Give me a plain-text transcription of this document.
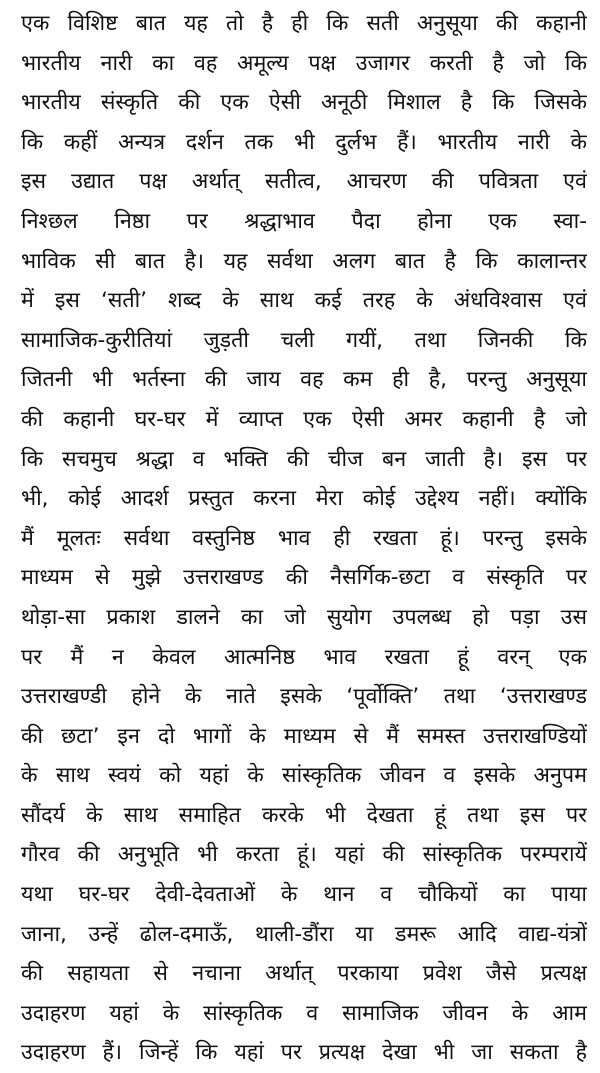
एक विशिष्ट बात यह तो है ही कि सती अनुसूया की कहानी
भारतीय नारी का वह अमूल्य पक्ष उजागर करती है जो कि
भारतीय संस्कृति की एक ऐसी अनूठी मिशाल है कि जिसके
कि कहीं अन्यत्र दर्शन तक भी दुर्लभ हैं। भारतीय नारी के
इस उद्यात पक्ष अर्थात् सतीत्व, आचरण की पवित्रता एवं
निश्छल निष्ठा पर श्रद्धाभाव पैदा होना एक स्वा-
भाविक सी बात है। यह सर्वथा अलग बात है कि कालान्तर
में इस ‘सती’ शब्द के साथ कई तरह के अंधविश्वास एवं
सामाजिक-कुरीतियां जुड़ती चली गयीं, तथा जिनकी कि
जितनी भी भर्तस्ना की जाय वह कम ही है, परन्तु अनुसूया
की कहानी घर-घर में व्याप्त एक ऐसी अमर कहानी है जो
कि सचमुच श्रद्धा व भक्ति की चीज बन जाती है। इस पर
भी, कोई आदर्श प्रस्तुत करना मेरा कोई उद्देश्य नहीं। क्योंकि
मैं मूलतः सर्वथा वस्तुनिष्ठ भाव ही रखता हूं। परन्तु इसके
माध्यम से मुझे उत्तराखण्ड की नैसर्गिक-छटा व संस्कृति पर
थोड़ा-सा प्रकाश डालने का जो सुयोग उपलब्ध हो पड़ा उस
पर मैं न केवल आत्मनिष्ठ भाव रखता हूं वरन् एक
उत्तराखण्डी होने के नाते इसके ‘पूर्वोक्ति’ तथा ‘उत्तराखण्ड
की छटा’ इन दो भागों के माध्यम से मैं समस्त उत्तराखण्डियों
के साथ स्वयं को यहां के सांस्कृतिक जीवन व इसके अनुपम
सौंदर्य के साथ समाहित करके भी देखता हूं तथा इस पर
गौरव की अनुभूति भी करता हूं। यहां की सांस्कृतिक परम्परायें
यथा घर-घर देवी-देवताओं के थान व चौकियों का पाया
जाना, उन्हें ढोल-दमाऊँ, थाली-डौंरा या डमरू आदि वाद्य-यंत्रों
की सहायता से नचाना अर्थात् परकाया प्रवेश जैसे प्रत्यक्ष
उदाहरण यहां के सांस्कृतिक व सामाजिक जीवन के आम
उदाहरण हैं। जिन्हें कि यहां पर प्रत्यक्ष देखा भी जा सकता है
